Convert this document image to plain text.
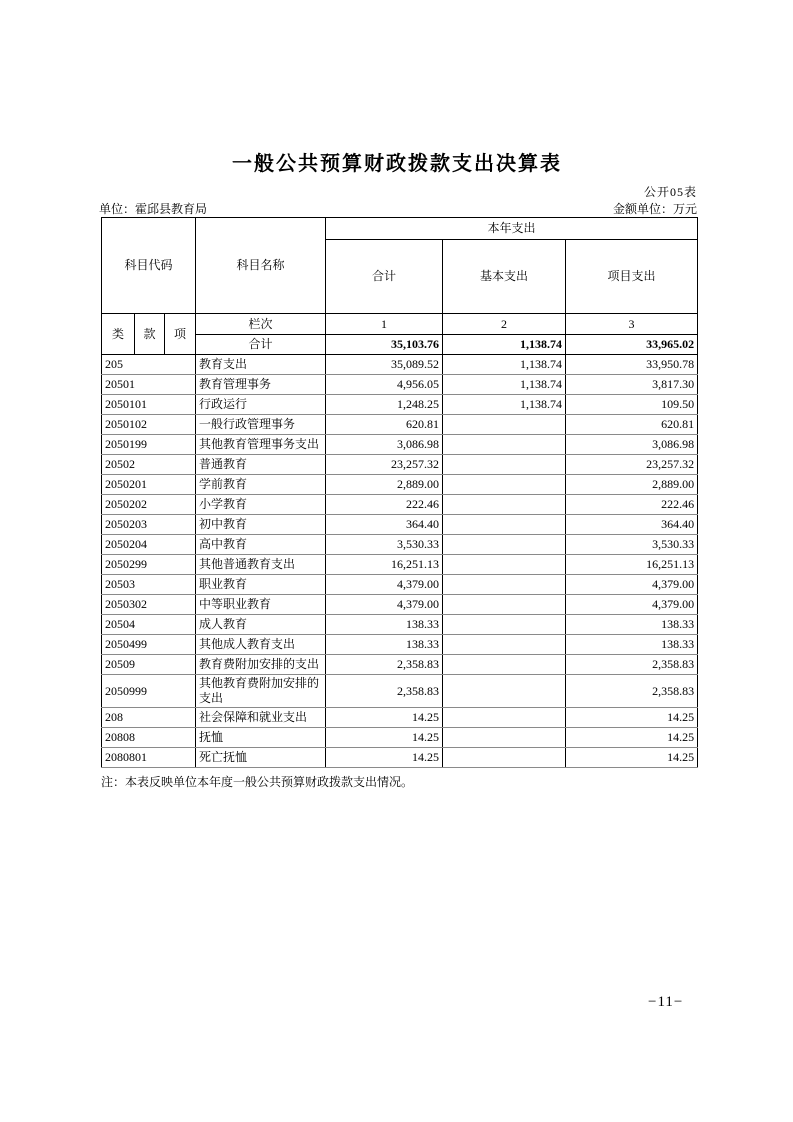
一般公共预算财政拨款支出决算表
公开05表
单位：霍邱县教育局	金额单位：万元
科目代码			科目名称	本年支出		
				合计	基本支出	项目支出
类	款	项	栏次	1	2	3
			合计	35,103.76	1,138.74	33,965.02
205			教育支出	35,089.52	1,138.74	33,950.78
20501			教育管理事务	4,956.05	1,138.74	3,817.30
2050101			行政运行	1,248.25	1,138.74	109.50
2050102			一般行政管理事务	620.81		620.81
2050199			其他教育管理事务支出	3,086.98		3,086.98
20502			普通教育	23,257.32		23,257.32
2050201			学前教育	2,889.00		2,889.00
2050202			小学教育	222.46		222.46
2050203			初中教育	364.40		364.40
2050204			高中教育	3,530.33		3,530.33
2050299			其他普通教育支出	16,251.13		16,251.13
20503			职业教育	4,379.00		4,379.00
2050302			中等职业教育	4,379.00		4,379.00
20504			成人教育	138.33		138.33
2050499			其他成人教育支出	138.33		138.33
20509			教育费附加安排的支出	2,358.83		2,358.83
2050999			其他教育费附加安排的支出	2,358.83		2,358.83
208			社会保障和就业支出	14.25		14.25
20808			抚恤	14.25		14.25
2080801			死亡抚恤	14.25		14.25
注：本表反映单位本年度一般公共预算财政拨款支出情况。
−11−
